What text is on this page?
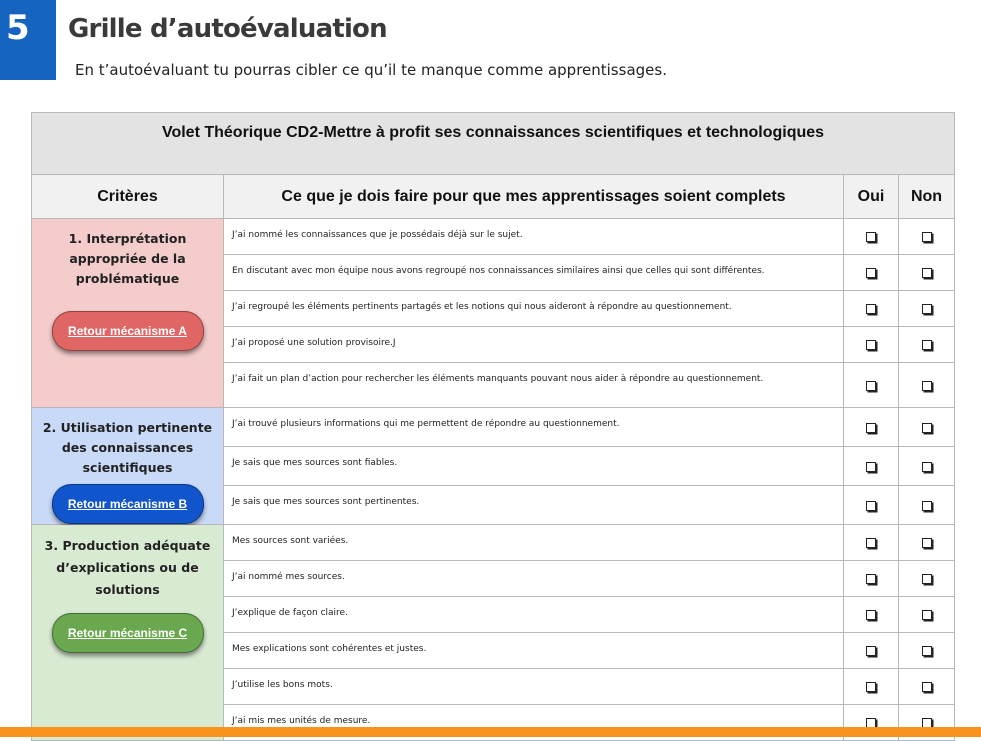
5	Grille d’autoévaluation

En t’autoévaluant tu pourras cibler ce qu’il te manque comme apprentissages.

Volet Théorique CD2-Mettre à profit ses connaissances scientifiques et technologiques			
Critères	Ce que je dois faire pour que mes apprentissages soient complets	Oui	Non

1. Interprétation appropriée de la problématique
Retour mécanisme A	J’ai nommé les connaissances que je possédais déjà sur le sujet.		
	En discutant avec mon équipe nous avons regroupé nos connaissances similaires ainsi que celles qui sont différentes.		
	J’ai regroupé les éléments pertinents partagés et les notions qui nous aideront à répondre au questionnement.		
	J’ai proposé une solution provisoire.J		
	J’ai fait un plan d’action pour rechercher les éléments manquants pouvant nous aider à répondre au questionnement.		

2. Utilisation pertinente des connaissances scientifiques
Retour mécanisme B	J’ai trouvé plusieurs informations qui me permettent de répondre au questionnement.		
	Je sais que mes sources sont fiables.		
	Je sais que mes sources sont pertinentes.		

3. Production adéquate d’explications ou de solutions
Retour mécanisme C	Mes sources sont variées.		
	J’ai nommé mes sources.		
	J’explique de façon claire.		
	Mes explications sont cohérentes et justes.		
	J’utilise les bons mots.		
	J’ai mis mes unités de mesure.		
